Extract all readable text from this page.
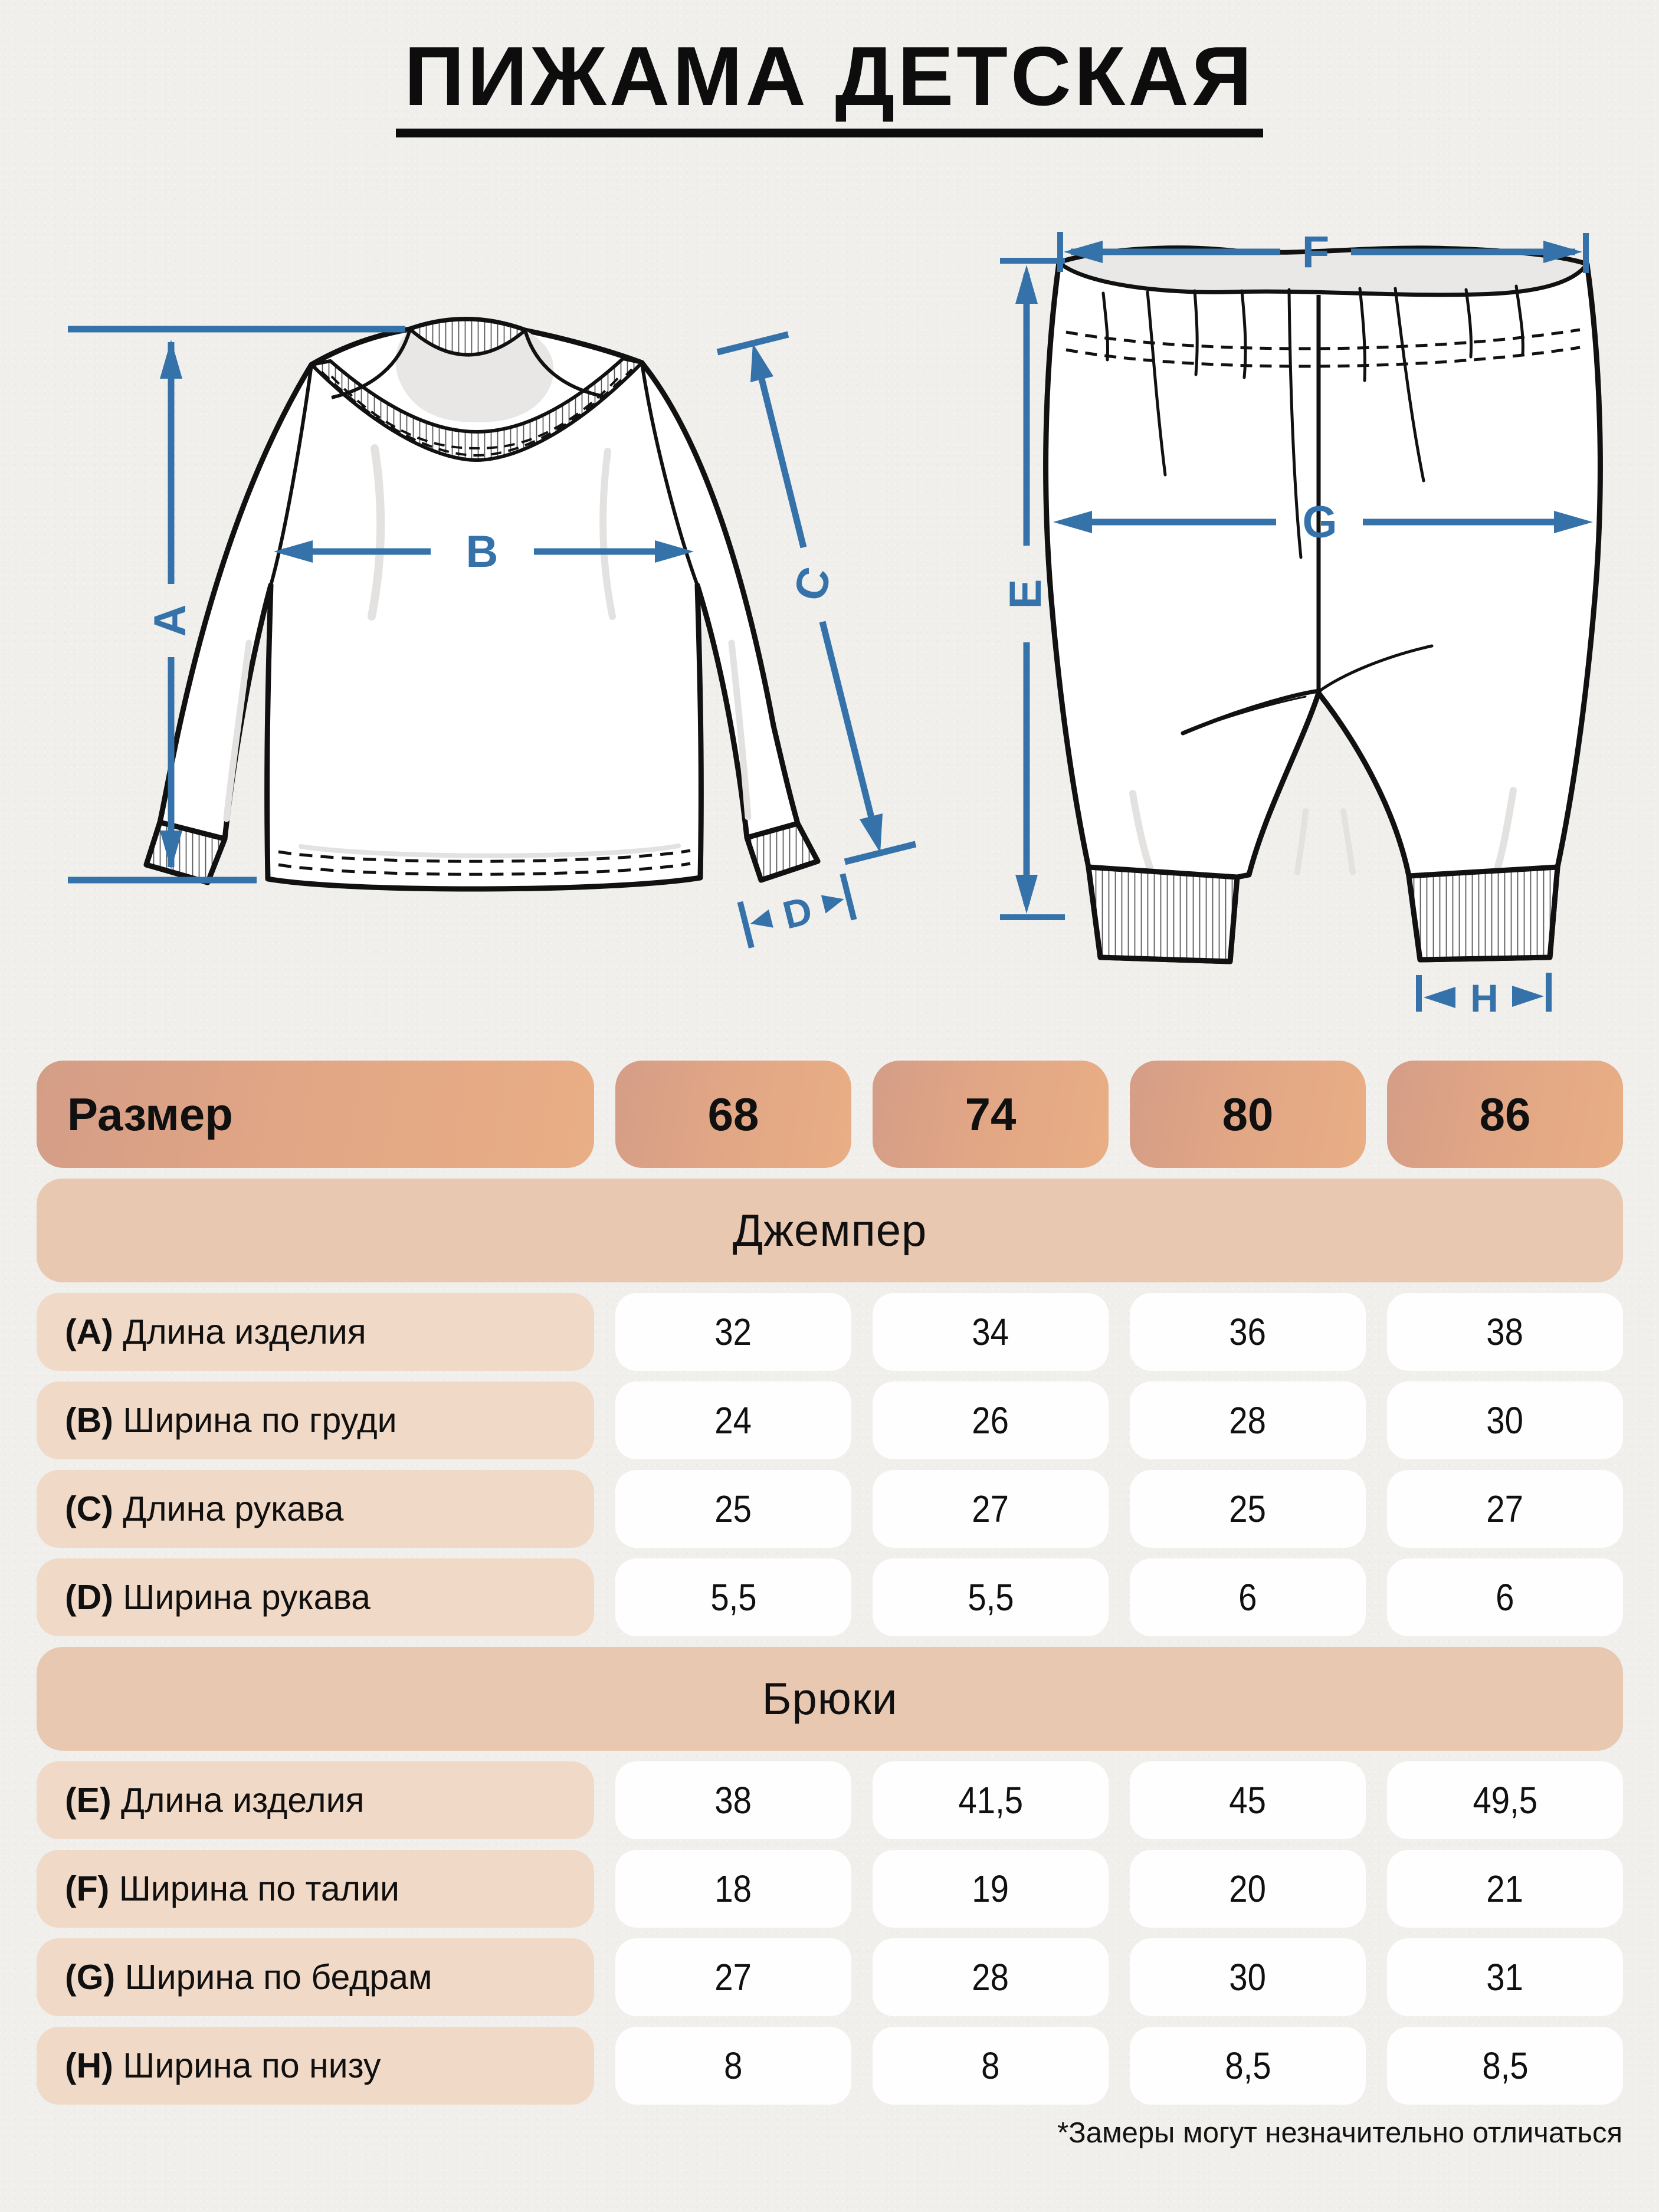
ПИЖАМА ДЕТСКАЯ
A
B
C
D
F
E
G
H
Размер	68	74	80	86
Джемпер
(A) Длина изделия	32	34	36	38
(B) Ширина по груди	24	26	28	30
(C) Длина рукава	25	27	25	27
(D) Ширина рукава	5,5	5,5	6	6
Брюки
(E) Длина изделия	38	41,5	45	49,5
(F) Ширина по талии	18	19	20	21
(G) Ширина по бедрам	27	28	30	31
(H) Ширина по низу	8	8	8,5	8,5
*Замеры могут незначительно отличаться
